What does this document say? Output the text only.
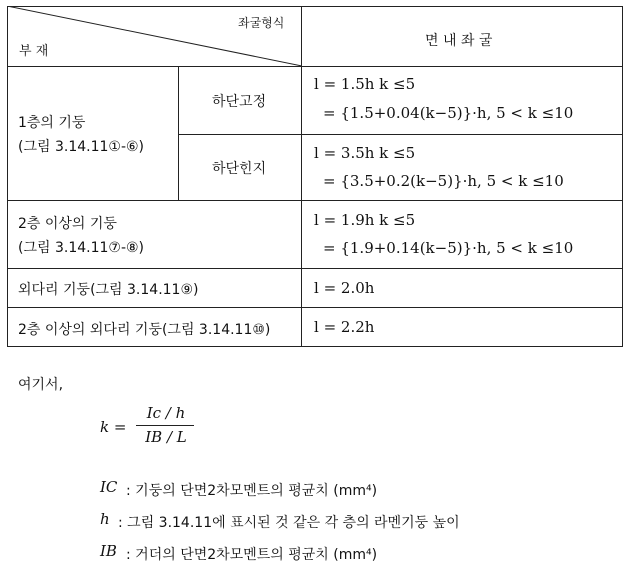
좌굴형식
부 재
면 내 좌 굴
1층의 기둥
(그림 3.14.11①-⑥)
하단고정
하단힌지
l = 1.5h k ≤5
= {1.5+0.04(k−5)}·h, 5 < k ≤10
l = 3.5h k ≤5
= {3.5+0.2(k−5)}·h, 5 < k ≤10
2층 이상의 기둥
(그림 3.14.11⑦-⑧)
l = 1.9h k ≤5
= {1.9+0.14(k−5)}·h, 5 < k ≤10
외다리 기둥(그림 3.14.11⑨)	l = 2.0h
2층 이상의 외다리 기둥(그림 3.14.11⑩)	l = 2.2h
여기서,
k =
Ic / h
IB / L
IC : 기둥의 단면2차모멘트의 평균치 (mm⁴)
h : 그림 3.14.11에 표시된 것 같은 각 층의 라멘기둥 높이
IB : 거더의 단면2차모멘트의 평균치 (mm⁴)
